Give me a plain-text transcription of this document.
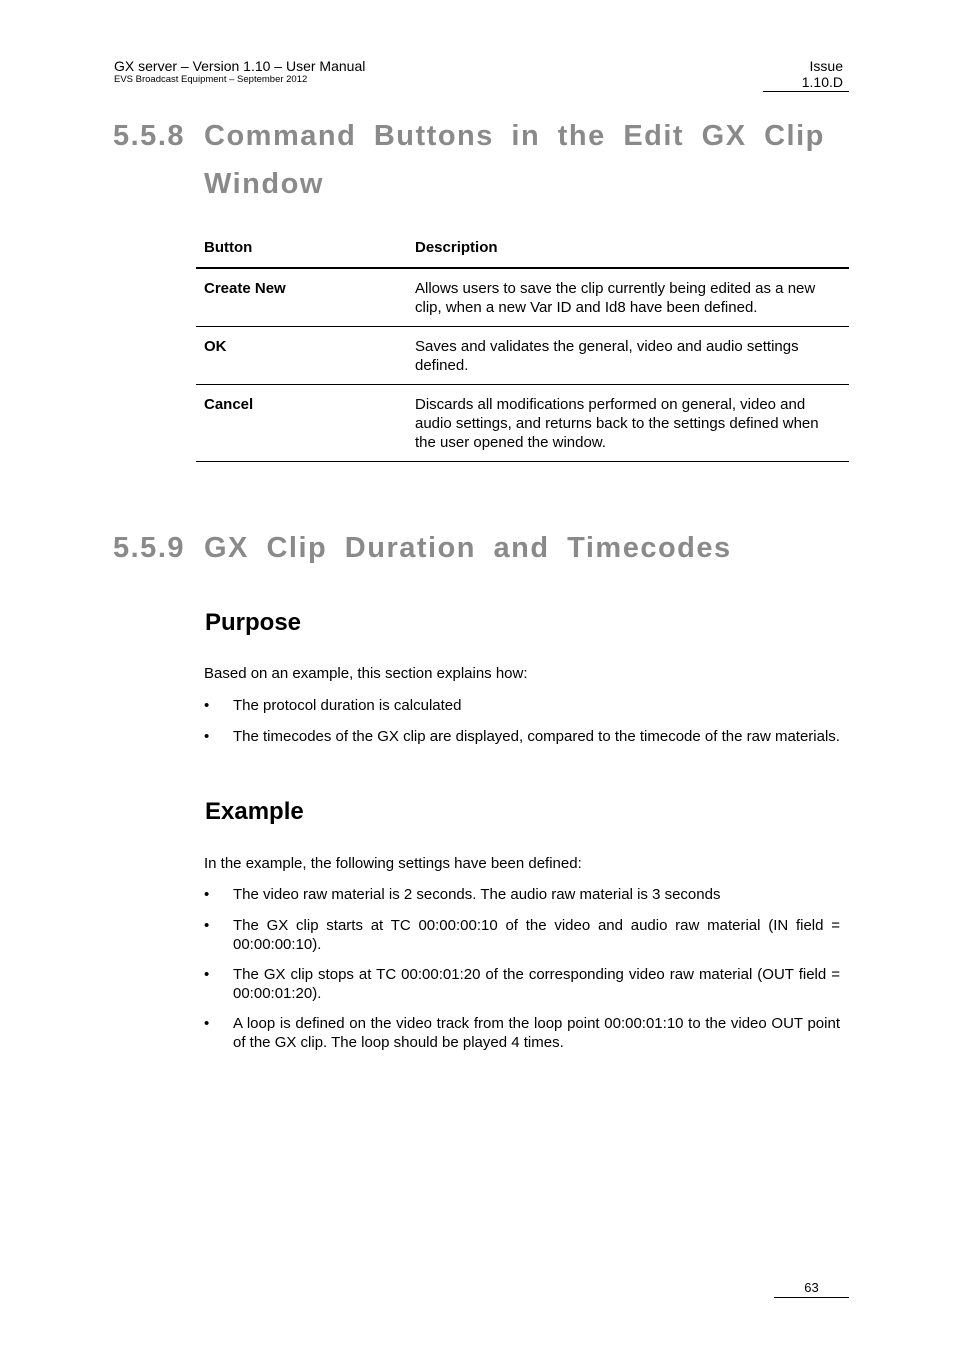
GX server – Version 1.10 – User Manual
EVS Broadcast Equipment – September 2012
Issue
1.10.D
5.5.8 Command Buttons in the Edit GX Clip
Window
Button	Description
Create New	Allows users to save the clip currently being edited as a new clip, when a new Var ID and Id8 have been defined.
OK	Saves and validates the general, video and audio settings defined.
Cancel	Discards all modifications performed on general, video and audio settings, and returns back to the settings defined when the user opened the window.
5.5.9 GX Clip Duration and Timecodes
Purpose
Based on an example, this section explains how:
• The protocol duration is calculated
• The timecodes of the GX clip are displayed, compared to the timecode of the raw materials.
Example
In the example, the following settings have been defined:
• The video raw material is 2 seconds. The audio raw material is 3 seconds
• The GX clip starts at TC 00:00:00:10 of the video and audio raw material (IN field = 00:00:00:10).
• The GX clip stops at TC 00:00:01:20 of the corresponding video raw material (OUT field = 00:00:01:20).
• A loop is defined on the video track from the loop point 00:00:01:10 to the video OUT point of the GX clip. The loop should be played 4 times.
63
